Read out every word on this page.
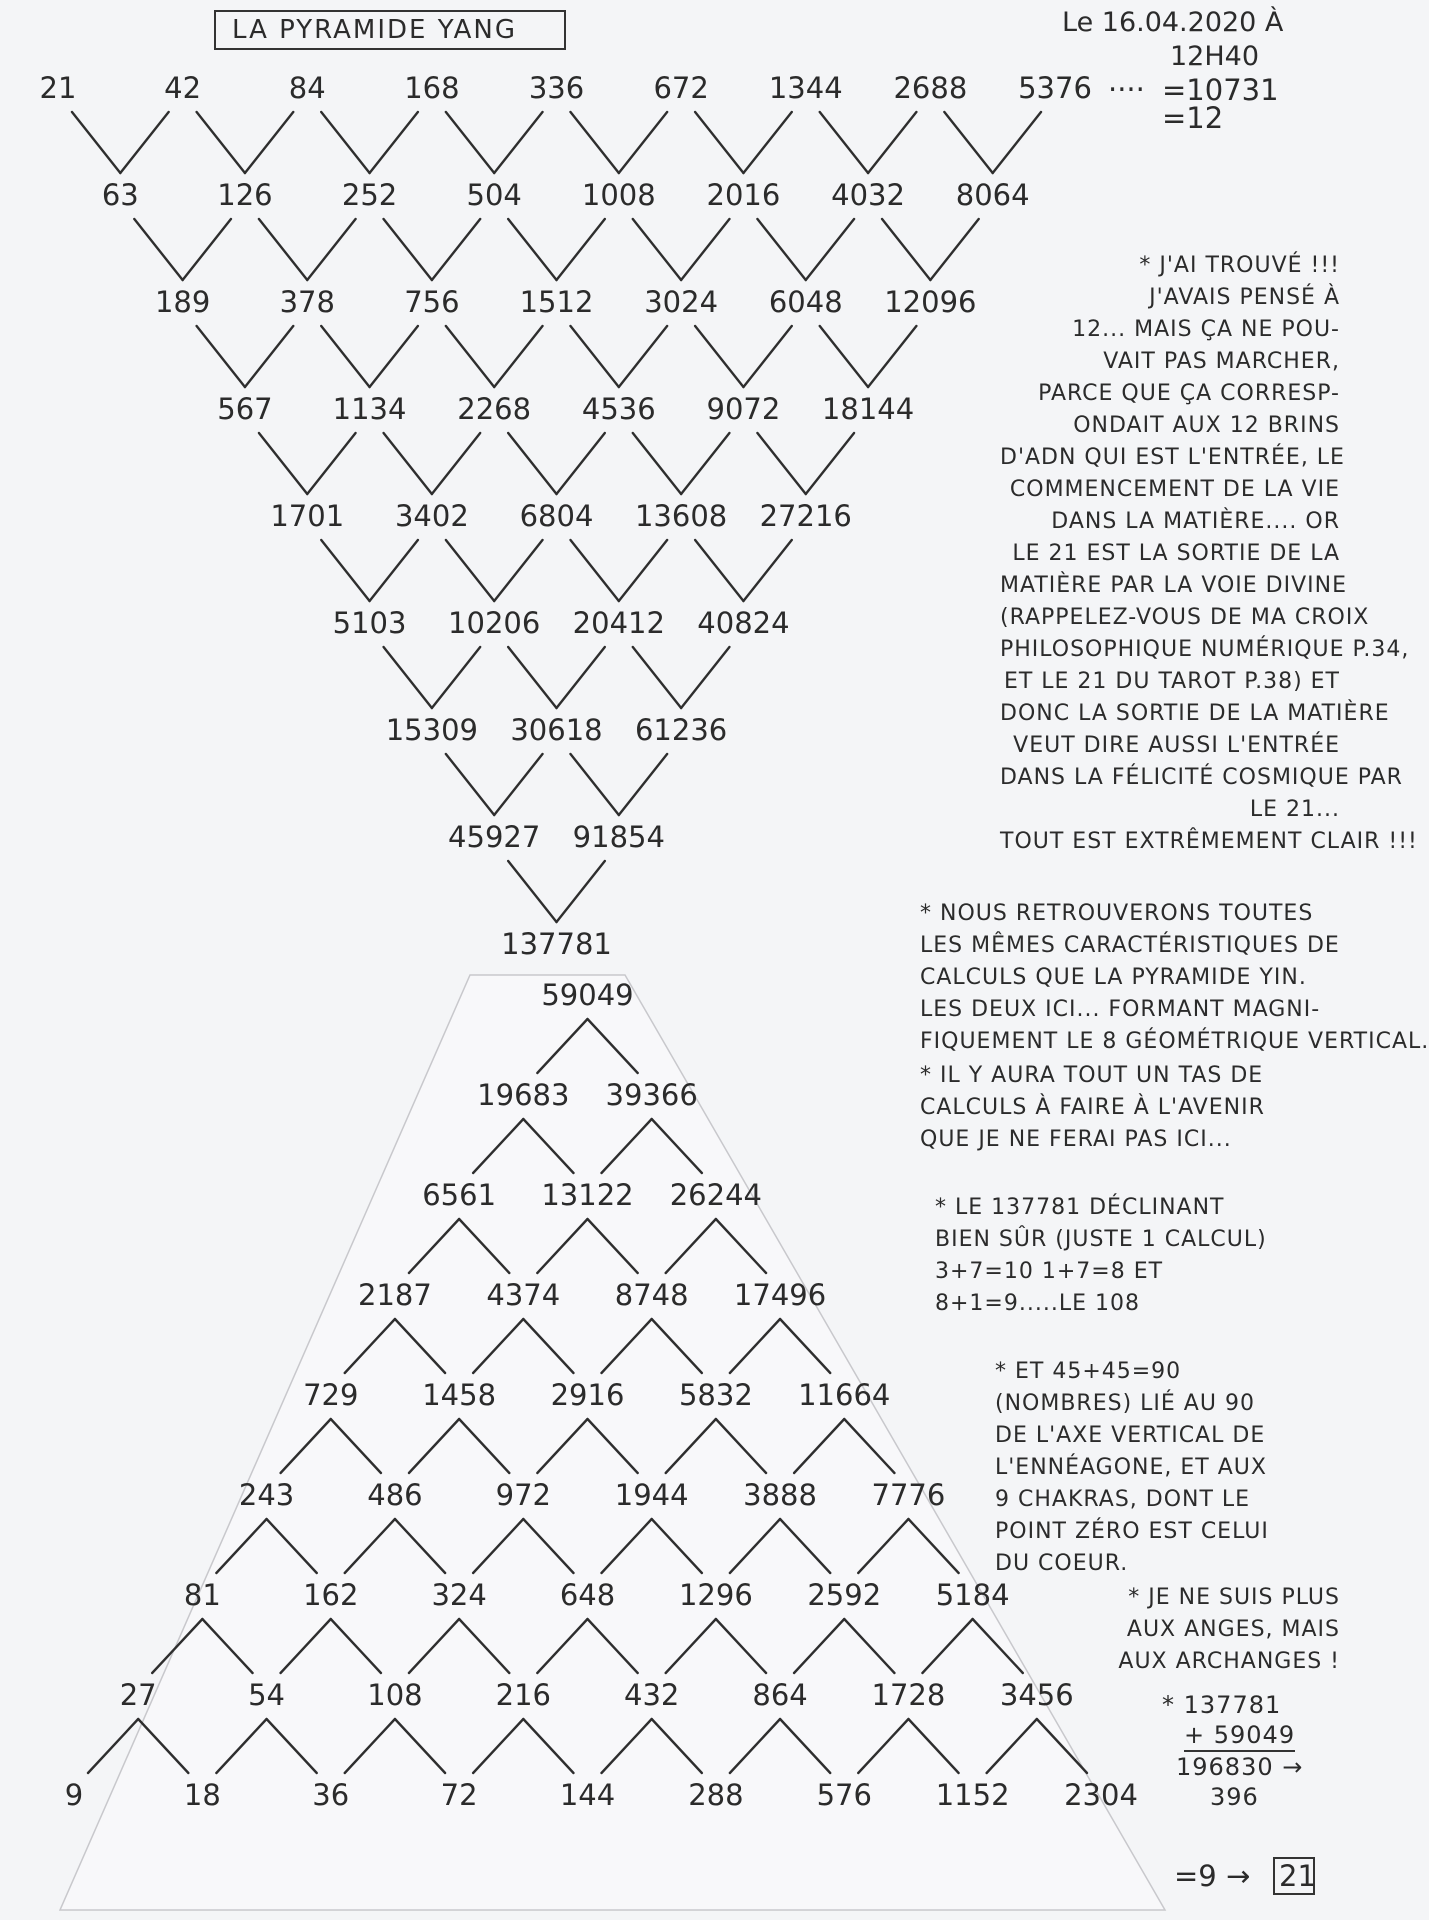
LA PYRAMIDE YANG	Le 16.04.2020 À
12H40
21	42	84	168 336 672 1344 2688 5376
63	126 252 504 1008 2016 4032 8064
189 378 756 1512 3024 6048 12096
567 1134 2268 4536 9072 18144
1701 3402 6804 13608 27216
5103 10206 20412 40824
15309 30618 61236
45927 91854
137781
59049
19683 39366
6561 13122 26244
2187 4374 8748 17496
729 1458 2916 5832 11664
243	486	972 1944 3888 7776
81	162	324	648 1296 2592 5184
27	54	108	216	432	864 1728 3456
9	18	36	72	144	288	576 1152 2304
.... =10731
=12
=9 → 21
* J'AI TROUVÉ !!!
J'AVAIS PENSÉ À
12... MAIS ÇA NE POU-
VAIT PAS MARCHER,
PARCE QUE ÇA CORRESP-
ONDAIT AUX 12 BRINS
D'ADN QUI EST L'ENTRÉE, LE
COMMENCEMENT DE LA VIE
DANS LA MATIÈRE.... OR
LE 21 EST LA SORTIE DE LA
MATIÈRE PAR LA VOIE DIVINE
(RAPPELEZ-VOUS DE MA CROIX
PHILOSOPHIQUE NUMÉRIQUE P.34,
ET LE 21 DU TAROT P.38) ET
DONC LA SORTIE DE LA MATIÈRE
VEUT DIRE AUSSI L'ENTRÉE
DANS LA FÉLICITÉ COSMIQUE PAR
LE 21...
TOUT EST EXTRÊMEMENT CLAIR !!!
* NOUS RETROUVERONS TOUTES
LES MÊMES CARACTÉRISTIQUES DE
CALCULS QUE LA PYRAMIDE YIN.
LES DEUX ICI... FORMANT MAGNI-
FIQUEMENT LE 8 GÉOMÉTRIQUE VERTICAL.
* IL Y AURA TOUT UN TAS DE
CALCULS À FAIRE À L'AVENIR
QUE JE NE FERAI PAS ICI...
* LE 137781 DÉCLINANT
BIEN SÛR (JUSTE 1 CALCUL)
3+7=10 1+7=8 ET
8+1=9.....LE 108
* ET 45+45=90
(NOMBRES) LIÉ AU 90
DE L'AXE VERTICAL DE
L'ENNÉAGONE, ET AUX
9 CHAKRAS, DONT LE
POINT ZÉRO EST CELUI
DU COEUR.
* JE NE SUIS PLUS
AUX ANGES, MAIS
AUX ARCHANGES !
* 137781
+ 59049
196830 →
396
